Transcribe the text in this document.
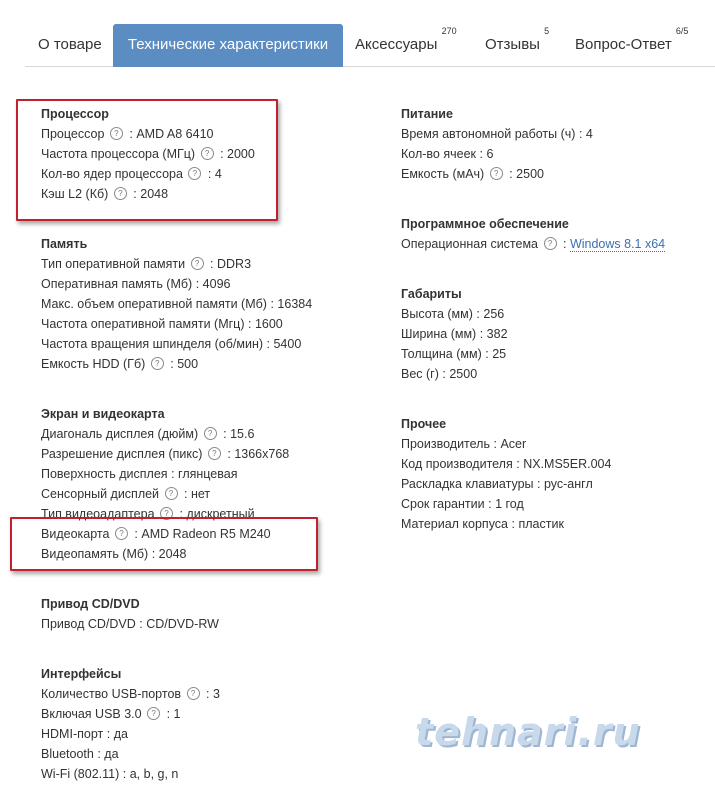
О товаре	Технические характеристики	Аксессуары $^{270}$
Отзывы $^5$
Вопрос-Ответ $^{6/5}$
Процессор
Процессор ? : AMD A8 6410
Частота процессора (МГц) ? : 2000
Кол-во ядер процессора ? : 4
Кэш L2 (Кб) ? : 2048
Память
Тип оперативной памяти ? : DDR3
Оперативная память (Мб) : 4096
Макс. объем оперативной памяти (Мб) : 16384
Частота оперативной памяти (Мгц) : 1600
Частота вращения шпинделя (об/мин) : 5400
Емкость HDD (Гб) ? : 500
Экран и видеокарта
Диагональ дисплея (дюйм) ? : 15.6
Разрешение дисплея (пикс) ? : 1366x768
Поверхность дисплея : глянцевая
Сенсорный дисплей ? : нет
Тип видеоадаптера ? : дискретный
Видеокарта ? : AMD Radeon R5 M240
Видеопамять (Мб) : 2048
Привод CD/DVD
Привод CD/DVD : CD/DVD-RW
Интерфейсы
Количество USB-портов ? : 3
Включая USB 3.0 ? : 1
HDMI-порт : да
Bluetooth : да
Wi-Fi (802.11) : a, b, g, n
Питание
Время автономной работы (ч) : 4
Кол-во ячеек : 6
Емкость (мАч) ? : 2500
Программное обеспечение
Операционная система ? : Windows 8.1 x64
Габариты
Высота (мм) : 256
Ширина (мм) : 382
Толщина (мм) : 25
Вес (г) : 2500
Прочее
Производитель : Acer
Код производителя : NX.MS5ER.004
Раскладка клавиатуры : рус-англ
Срок гарантии : 1 год
Материал корпуса : пластик
tehnari.ru
